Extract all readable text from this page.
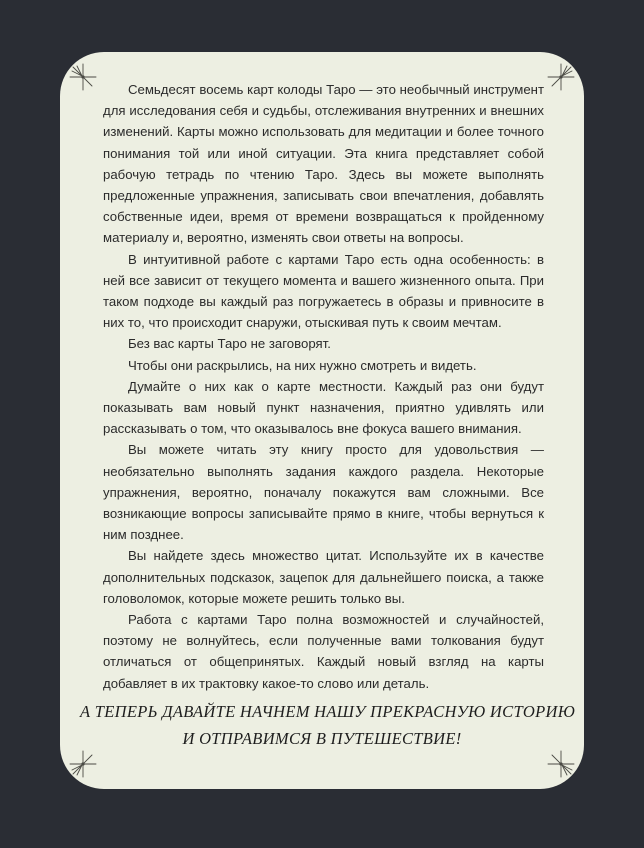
Семьдесят восемь карт колоды Таро — это необычный инструмент для исследования себя и судьбы, отслеживания внутренних и внешних изменений. Карты можно использовать для медитации и более точного понимания той или иной ситуации. Эта книга представляет собой рабочую тетрадь по чтению Таро. Здесь вы можете выполнять предложенные упражнения, записывать свои впечатления, добавлять собственные идеи, время от времени возвращаться к пройденному материалу и, вероятно, изменять свои ответы на вопросы.

В интуитивной работе с картами Таро есть одна особенность: в ней все зависит от текущего момента и вашего жизненного опыта. При таком подходе вы каждый раз погружаетесь в образы и привносите в них то, что происходит снаружи, отыскивая путь к своим мечтам.

Без вас карты Таро не заговорят.

Чтобы они раскрылись, на них нужно смотреть и видеть.

Думайте о них как о карте местности. Каждый раз они будут показывать вам новый пункт назначения, приятно удивлять или рассказывать о том, что оказывалось вне фокуса вашего внимания.

Вы можете читать эту книгу просто для удовольствия — необязательно выполнять задания каждого раздела. Некоторые упражнения, вероятно, поначалу покажутся вам сложными. Все возникающие вопросы записывайте прямо в книге, чтобы вернуться к ним позднее.

Вы найдете здесь множество цитат. Используйте их в качестве дополнительных подсказок, зацепок для дальнейшего поиска, а также головоломок, которые можете решить только вы.

Работа с картами Таро полна возможностей и случайностей, поэтому не волнуйтесь, если полученные вами толкования будут отличаться от общепринятых. Каждый новый взгляд на карты добавляет в их трактовку какое-то слово или деталь.

А ТЕПЕРЬ ДАВАЙТЕ НАЧНЕМ НАШУ ПРЕКРАСНУЮ ИСТОРИЮ
И ОТПРАВИМСЯ В ПУТЕШЕСТВИЕ!
